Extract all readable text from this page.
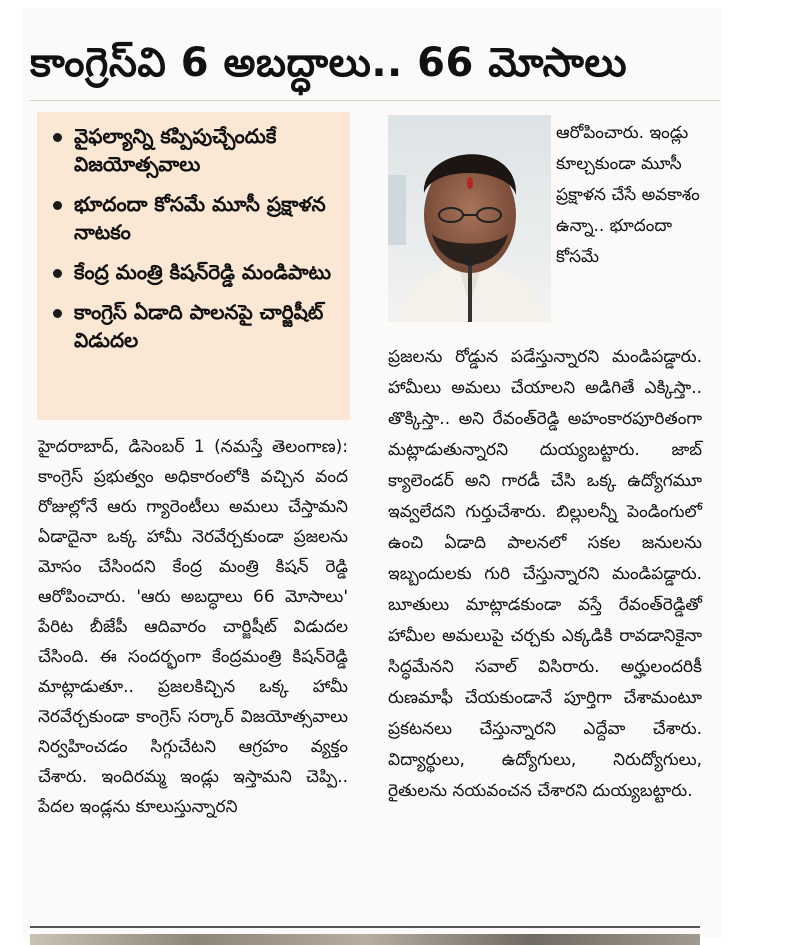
కాంగ్రెస్‌వి 6 అబద్ధాలు.. 66 మోసాలు
వైఫల్యాన్ని కప్పిపుచ్చేందుకే విజయోత్సవాలు
భూదందా కోసమే మూసీ ప్రక్షాళన నాటకం
కేంద్ర మంత్రి కిషన్‌రెడ్డి మండిపాటు
కాంగ్రెస్ ఏడాది పాలనపై చార్జిషీట్ విడుదల
హైదరాబాద్, డిసెంబర్ 1 (నమస్తే తెలంగాణ): కాంగ్రెస్ ప్రభుత్వం అధికారంలోకి వచ్చిన వంద రోజుల్లోనే ఆరు గ్యారెంటీలు అమలు చేస్తామని ఏడాదైనా ఒక్క హామీ నెరవేర్చకుండా ప్రజలను మోసం చేసిందని కేంద్ర మంత్రి కిషన్ రెడ్డి ఆరోపించారు. 'ఆరు అబద్ధాలు 66 మోసాలు' పేరిట బీజేపీ ఆదివారం చార్జిషీట్ విడుదల చేసింది. ఈ సందర్భంగా కేంద్రమంత్రి కిషన్‌రెడ్డి మాట్లాడుతూ.. ప్రజలకిచ్చిన ఒక్క హామీ నెరవేర్చకుండా కాంగ్రెస్ సర్కార్ విజయోత్సవాలు నిర్వహించడం సిగ్గుచేటని ఆగ్రహం వ్యక్తం చేశారు. ఇందిరమ్మ ఇండ్లు ఇస్తామని చెప్పి.. పేదల ఇండ్లను కూలుస్తున్నారని
ఆరోపించారు. ఇండ్లు కూల్చకుండా మూసీ ప్రక్షాళన చేసే అవకాశం ఉన్నా.. భూదందా కోసమే
ప్రజలను రోడ్డున పడేస్తున్నారని మండిపడ్డారు. హామీలు అమలు చేయాలని అడిగితే ఎక్కిస్తా.. తొక్కిస్తా.. అని రేవంత్‌రెడ్డి అహంకారపూరితంగా మట్లాడుతున్నారని దుయ్యబట్టారు. జాబ్ క్యాలెండర్ అని గారడీ చేసి ఒక్క ఉద్యోగమూ ఇవ్వలేదని గుర్తుచేశారు. బిల్లులన్నీ పెండింగులో ఉంచి ఏడాది పాలనలో సకల జనులను ఇబ్బందులకు గురి చేస్తున్నారని మండిపడ్డారు. బూతులు మాట్లాడకుండా వస్తే రేవంత్‌రెడ్డితో హామీల అమలుపై చర్చకు ఎక్కడికి రావడానికైనా సిద్ధమేనని సవాల్ విసిరారు. అర్హులందరికీ రుణమాఫీ చేయకుండానే పూర్తిగా చేశామంటూ ప్రకటనలు చేస్తున్నారని ఎద్దేవా చేశారు. విద్యార్థులు, ఉద్యోగులు, నిరుద్యోగులు, రైతులను నయవంచన చేశారని దుయ్యబట్టారు.
